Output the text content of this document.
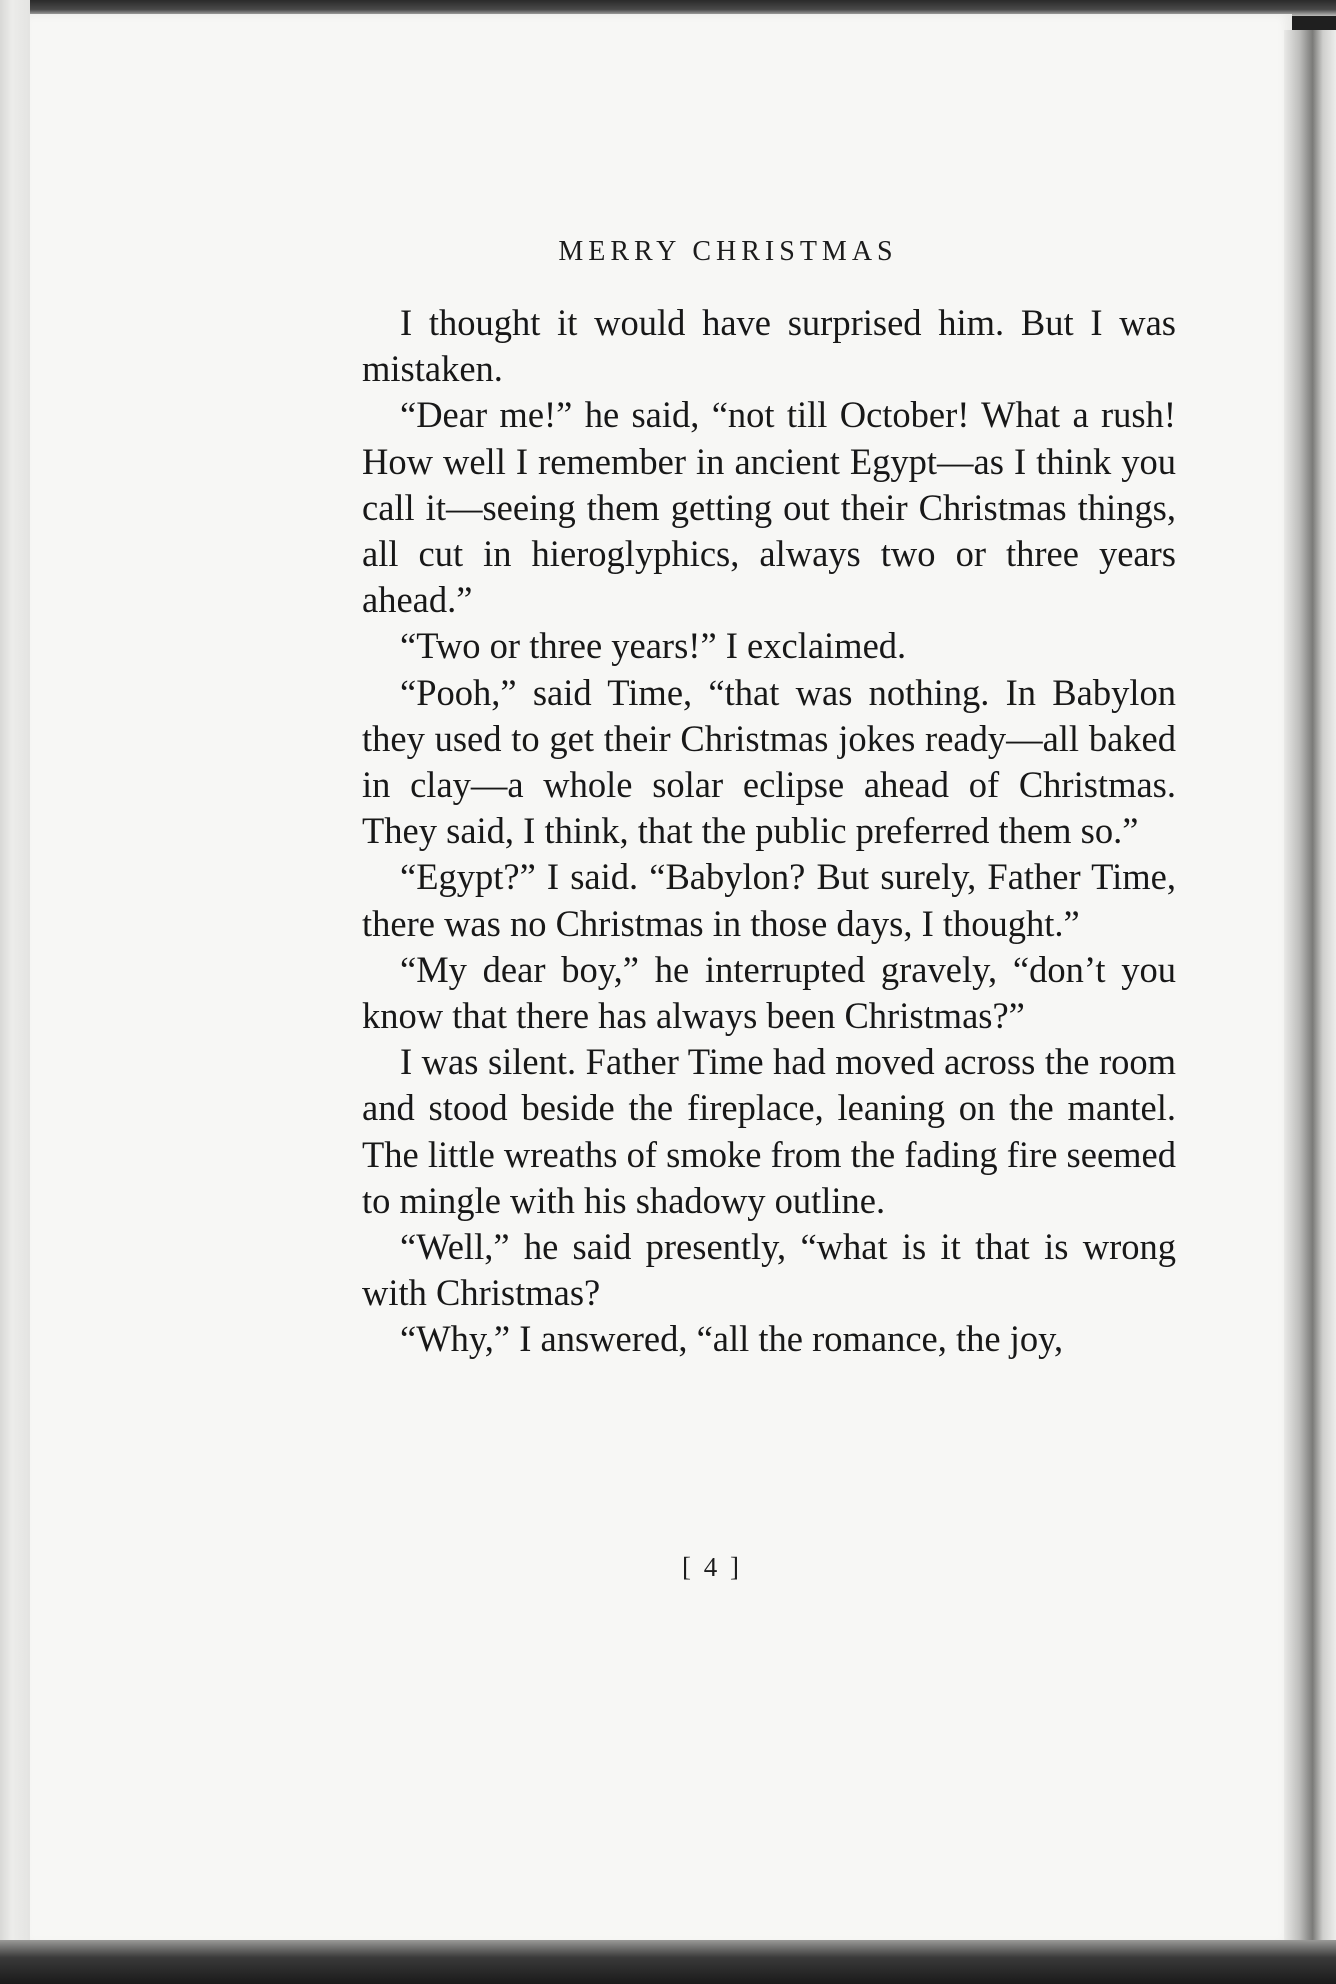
MERRY CHRISTMAS

I thought it would have surprised him. But I was mistaken.

“Dear me!” he said, “not till October! What a rush! How well I remember in ancient Egypt—as I think you call it—seeing them getting out their Christmas things, all cut in hieroglyphics, always two or three years ahead.”

“Two or three years!” I exclaimed.

“Pooh,” said Time, “that was nothing. In Babylon they used to get their Christmas jokes ready—all baked in clay—a whole solar eclipse ahead of Christmas. They said, I think, that the public preferred them so.”

“Egypt?” I said. “Babylon? But surely, Father Time, there was no Christmas in those days, I thought.”

“My dear boy,” he interrupted gravely, “don’t you know that there has always been Christmas?”

I was silent. Father Time had moved across the room and stood beside the fireplace, leaning on the mantel. The little wreaths of smoke from the fading fire seemed to mingle with his shadowy outline.

“Well,” he said presently, “what is it that is wrong with Christmas?

“Why,” I answered, “all the romance, the joy,

[ 4 ]
